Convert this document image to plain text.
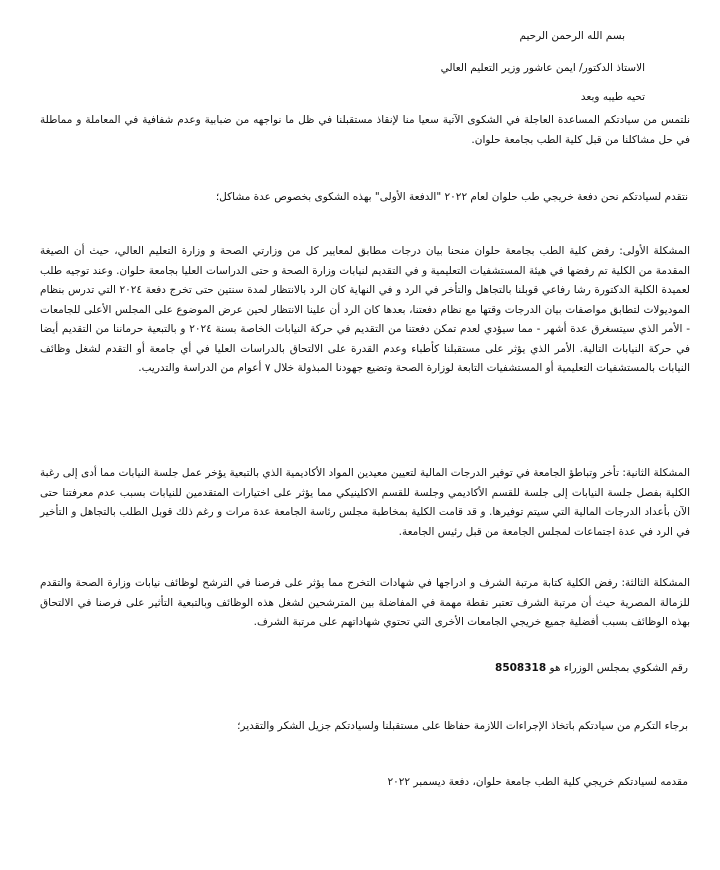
بسم الله الرحمن الرحيم
الاستاذ الدكتور/ ايمن عاشور وزير التعليم العالي
تحيه طيبه وبعد
نلتمس من سيادتكم المساعدة العاجلة في الشكوى الآتية سعيا منا لإنقاذ مستقبلنا في ظل ما نواجهه من ضبابية وعدم شفافية في المعاملة و مماطلة في حل مشاكلنا من قبل كلية الطب بجامعة حلوان.
نتقدم لسيادتكم نحن دفعة خريجي طب حلوان لعام ٢٠٢٢ "الدفعة الأولى" بهذه الشكوى بخصوص عدة مشاكل؛
المشكلة الأولى: رفض كلية الطب بجامعة حلوان منحنا بيان درجات مطابق لمعايير كل من وزارتي الصحة و وزارة التعليم العالي، حيث أن الصيغة المقدمة من الكلية تم رفضها في هيئة المستشفيات التعليمية و في التقديم لنيابات وزارة الصحة و حتى الدراسات العليا بجامعة حلوان. وعند توجيه طلب لعميدة الكلية الدكتورة رشا رفاعي قوبلنا بالتجاهل والتأخر في الرد و في النهاية كان الرد بالانتظار لمدة سنتين حتى تخرج دفعة ٢٠٢٤ التي تدرس بنظام الموديولات لتطابق مواصفات بيان الدرجات وقتها مع نظام دفعتنا، بعدها كان الرد أن علينا الانتظار لحين عرض الموضوع على المجلس الأعلى للجامعات - الأمر الذي سيتسغرق عدة أشهر - مما سيؤدي لعدم تمكن دفعتنا من التقديم في حركة النيابات الخاصة بسنة ٢٠٢٤ و بالتبعية حرماننا من التقديم أيضا في حركة النيابات التالية. الأمر الذي يؤثر على مستقبلنا كأطباء وعدم القدرة على الالتحاق بالدراسات العليا في أي جامعة أو التقدم لشغل وظائف النيابات بالمستشفيات التعليمية أو المستشفيات التابعة لوزارة الصحة وتضيع جهودنا المبذولة خلال ٧ أعوام من الدراسة والتدريب.
المشكلة الثانية: تأخر وتباطؤ الجامعة في توفير الدرجات المالية لتعيين معيدين المواد الأكاديمية الذي بالتبعية يؤخر عمل جلسة النيابات مما أدى إلى رغبة الكلية بفصل جلسة النيابات إلى جلسة للقسم الأكاديمي وجلسة للقسم الاكلينيكي مما يؤثر على اختيارات المتقدمين للنيابات بسبب عدم معرفتنا حتى الآن بأعداد الدرجات المالية التي سيتم توفيرها. و قد قامت الكلية بمخاطبة مجلس رئاسة الجامعة عدة مرات و رغم ذلك قوبل الطلب بالتجاهل و التأخير في الرد في عدة اجتماعات لمجلس الجامعة من قبل رئيس الجامعة.
المشكلة الثالثة: رفض الكلية كتابة مرتبة الشرف و ادراجها في شهادات التخرج مما يؤثر على فرصنا في الترشح لوظائف نيابات وزارة الصحة والتقدم للزمالة المصرية حيث أن مرتبة الشرف تعتبر نقطة مهمة في المفاضلة بين المترشحين لشغل هذه الوظائف وبالتبعية التأثير على فرصنا في الالتحاق بهذه الوظائف بسبب أفضلية جميع خريجي الجامعات الأخرى التي تحتوي شهاداتهم على مرتبة الشرف.
رقم الشكوي بمجلس الوزراء هو 8508318
برجاء التكرم من سيادتكم باتخاذ الإجراءات اللازمة حفاظا على مستقبلنا ولسيادتكم جزيل الشكر والتقدير؛
مقدمه لسيادتكم خريجي كلية الطب جامعة حلوان، دفعة ديسمبر ٢٠٢٢
